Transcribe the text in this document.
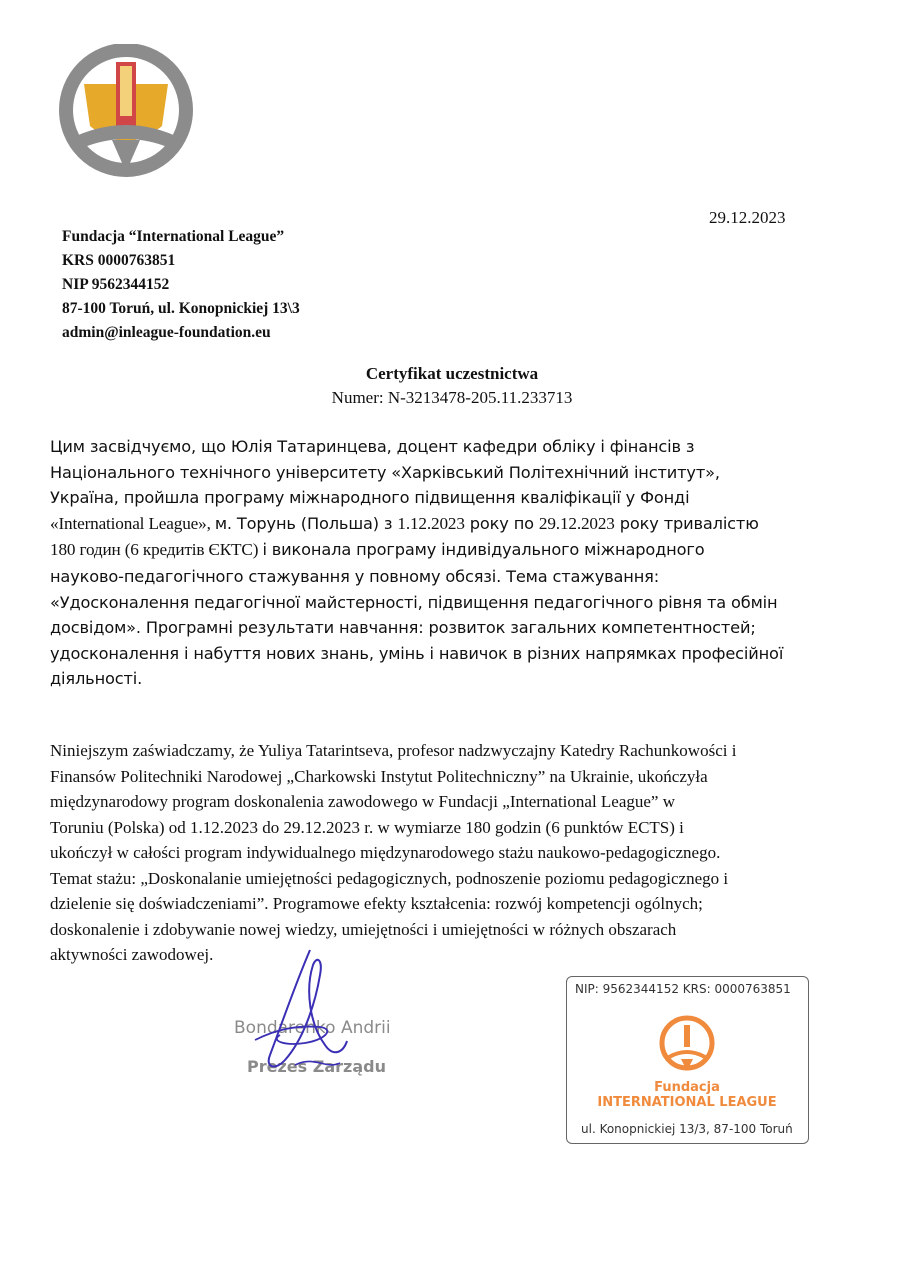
29.12.2023
Fundacja “International League”
KRS 0000763851
NIP 9562344152
87-100 Toruń, ul. Konopnickiej 13\3
admin@inleague-foundation.eu
Certyfikat uczestnictwa
Numer: N-3213478-205.11.233713
Цим засвідчуємо, що Юлія Татаринцева, доцент кафедри обліку і фінансів з
Національного технічного університету «Харківський Політехнічний інститут»,
Україна, пройшла програму міжнародного підвищення кваліфікації у Фонді
«International League», м. Торунь (Польша) з 1.12.2023 року по 29.12.2023 року тривалістю
180 годин (6 кредитів ЄКТС) і виконала програму індивідуального міжнародного
науково-педагогічного стажування у повному обсязі. Тема стажування:
«Удосконалення педагогічної майстерності, підвищення педагогічного рівня та обмін
досвідом». Програмні результати навчання: розвиток загальних компетентностей;
удосконалення і набуття нових знань, умінь і навичок в різних напрямках професійної
діяльності.
Niniejszym zaświadczamy, że Yuliya Tatarintseva, profesor nadzwyczajny Katedry Rachunkowości i
Finansów Politechniki Narodowej „Charkowski Instytut Politechniczny” na Ukrainie, ukończyła
międzynarodowy program doskonalenia zawodowego w Fundacji „International League” w
Toruniu (Polska) od 1.12.2023 do 29.12.2023 r. w wymiarze 180 godzin (6 punktów ECTS) i
ukończył w całości program indywidualnego międzynarodowego stażu naukowo-pedagogicznego.
Temat stażu: „Doskonalanie umiejętności pedagogicznych, podnoszenie poziomu pedagogicznego i
dzielenie się doświadczeniami”. Programowe efekty kształcenia: rozwój kompetencji ogólnych;
doskonalenie i zdobywanie nowej wiedzy, umiejętności i umiejętności w różnych obszarach
aktywności zawodowej.
Bondarenko Andrii
Prezes Zarządu
NIP: 9562344152 KRS: 0000763851
Fundacja
INTERNATIONAL LEAGUE
ul. Konopnickiej 13/3, 87-100 Toruń
